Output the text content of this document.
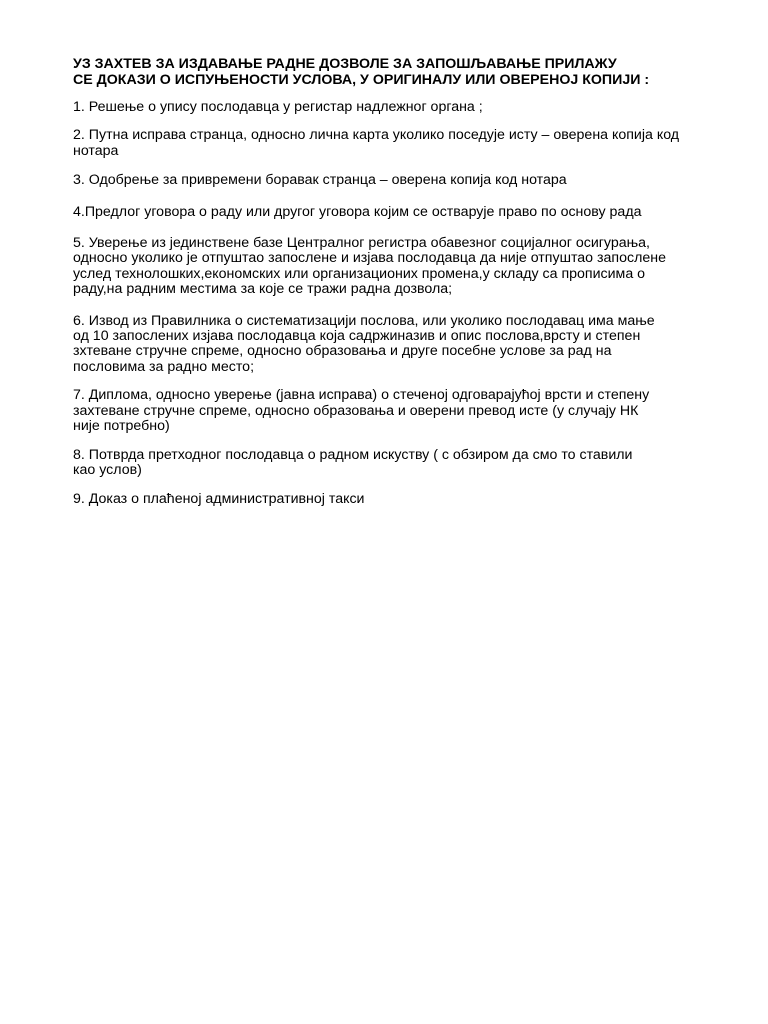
УЗ ЗАХТЕВ ЗА ИЗДАВАЊЕ РАДНЕ ДОЗВОЛЕ ЗА ЗАПОШЉАВАЊЕ ПРИЛАЖУ
СЕ ДОКАЗИ О ИСПУЊЕНОСТИ УСЛОВА, У ОРИГИНАЛУ ИЛИ ОВЕРЕНОЈ КОПИЈИ :
1. Решење о упису послодавца у регистар надлежног органа ;
2. Путна исправа странца, односно лична карта уколико поседује исту – оверена копија код
нотара
3. Одобрење за привремени боравак странца – оверена копија код нотара
4.Предлог уговора о раду или другог уговора којим се остварује право по основу рада
5. Уверење из јединствене базе Централног регистра обавезног социјалног осигурања,
односно уколико је отпуштао запослене и изјава послодавца да није отпуштао запослене
услед технолошких,економских или организационих промена,у складу са прописима о
раду,на радним местима за које се тражи радна дозвола;
6. Извод из Правилника о систематизацији послова, или уколико послодавац има мање
од 10 запослених изјава послодавца која садржиназив и опис послова,врсту и степен
зхтеване стручне спреме, односно образовања и друге посебне услове за рад на
пословима за радно место;
7. Диплома, односно уверење (јавна исправа) о стеченој одговарајућој врсти и степену
захтеване стручне спреме, односно образовања и оверени превод исте (у случају НК
није потребно)
8. Потврда претходног послодавца о радном искуству ( с обзиром да смо то ставили
као услов)
9. Доказ о плаћеној административној такси
